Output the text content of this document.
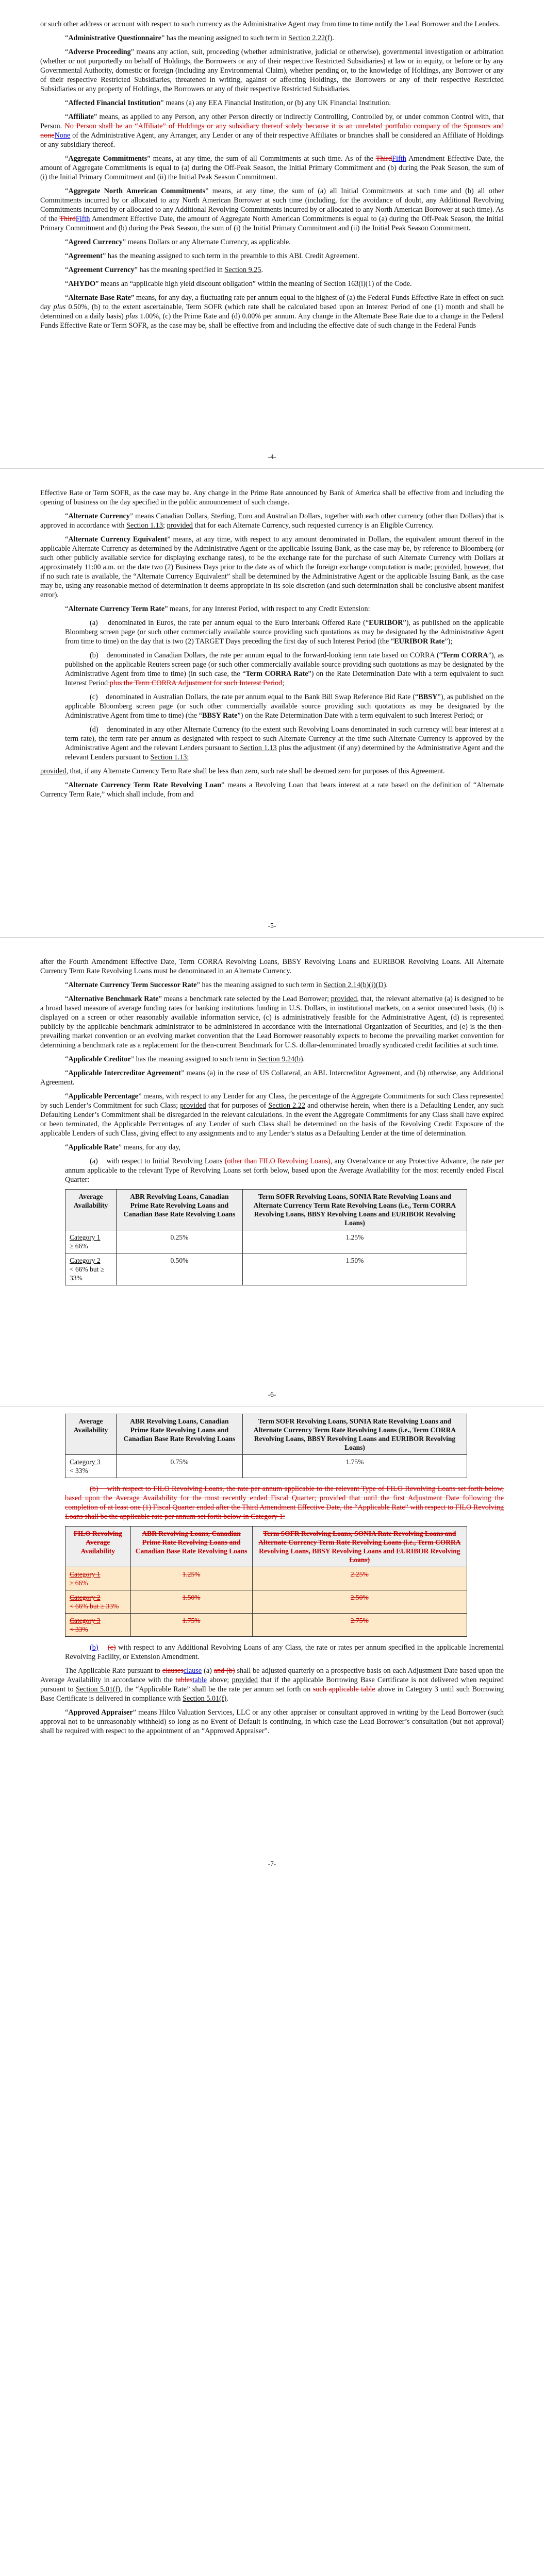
or such other address or account with respect to such currency as the Administrative Agent may from time to time notify the Lead Borrower and the Lenders.

“Administrative Questionnaire” has the meaning assigned to such term in Section 2.22(f).

“Adverse Proceeding” means any action, suit, proceeding (whether administrative, judicial or otherwise), governmental investigation or arbitration (whether or not purportedly on behalf of Holdings, the Borrowers or any of their respective Restricted Subsidiaries) at law or in equity, or before or by any Governmental Authority, domestic or foreign (including any Environmental Claim), whether pending or, to the knowledge of Holdings, any Borrower or any of their respective Restricted Subsidiaries, threatened in writing, against or affecting Holdings, the Borrowers or any of their respective Restricted Subsidiaries or any property of Holdings, the Borrowers or any of their respective Restricted Subsidiaries.

“Affected Financial Institution” means (a) any EEA Financial Institution, or (b) any UK Financial Institution.

“Affiliate” means, as applied to any Person, any other Person directly or indirectly Controlling, Controlled by, or under common Control with, that Person. No Person shall be an “Affiliate” of Holdings or any subsidiary thereof solely because it is an unrelated portfolio company of the Sponsors and noneNone of the Administrative Agent, any Arranger, any Lender or any of their respective Affiliates or branches shall be considered an Affiliate of Holdings or any subsidiary thereof.

“Aggregate Commitments” means, at any time, the sum of all Commitments at such time. As of the ThirdFifth Amendment Effective Date, the amount of Aggregate Commitments is equal to (a) during the Off-Peak Season, the Initial Primary Commitment and (b) during the Peak Season, the sum of (i) the Initial Primary Commitment and (ii) the Initial Peak Season Commitment.

“Aggregate North American Commitments” means, at any time, the sum of (a) all Initial Commitments at such time and (b) all other Commitments incurred by or allocated to any North American Borrower at such time (including, for the avoidance of doubt, any Additional Revolving Commitments incurred by or allocated to any Additional Revolving Commitments incurred by or allocated to any North American Borrower at such time). As of the ThirdFifth Amendment Effective Date, the amount of Aggregate North American Commitments is equal to (a) during the Off-Peak Season, the Initial Primary Commitment and (b) during the Peak Season, the sum of (i) the Initial Primary Commitment and (ii) the Initial Peak Season Commitment.

“Agreed Currency” means Dollars or any Alternate Currency, as applicable.

“Agreement” has the meaning assigned to such term in the preamble to this ABL Credit Agreement.

“Agreement Currency” has the meaning specified in Section 9.25.

“AHYDO” means an “applicable high yield discount obligation” within the meaning of Section 163(i)(1) of the Code.

“Alternate Base Rate” means, for any day, a fluctuating rate per annum equal to the highest of (a) the Federal Funds Effective Rate in effect on such day plus 0.50%, (b) to the extent ascertainable, Term SOFR (which rate shall be calculated based upon an Interest Period of one (1) month and shall be determined on a daily basis) plus 1.00%, (c) the Prime Rate and (d) 0.00% per annum. Any change in the Alternate Base Rate due to a change in the Federal Funds Effective Rate or Term SOFR, as the case may be, shall be effective from and including the effective date of such change in the Federal Funds

-4-

Effective Rate or Term SOFR, as the case may be. Any change in the Prime Rate announced by Bank of America shall be effective from and including the opening of business on the day specified in the public announcement of such change.

“Alternate Currency” means Canadian Dollars, Sterling, Euro and Australian Dollars, together with each other currency (other than Dollars) that is approved in accordance with Section 1.13; provided that for each Alternate Currency, such requested currency is an Eligible Currency.

“Alternate Currency Equivalent” means, at any time, with respect to any amount denominated in Dollars, the equivalent amount thereof in the applicable Alternate Currency as determined by the Administrative Agent or the applicable Issuing Bank, as the case may be, by reference to Bloomberg (or such other publicly available service for displaying exchange rates), to be the exchange rate for the purchase of such Alternate Currency with Dollars at approximately 11:00 a.m. on the date two (2) Business Days prior to the date as of which the foreign exchange computation is made; provided, however, that if no such rate is available, the “Alternate Currency Equivalent” shall be determined by the Administrative Agent or the applicable Issuing Bank, as the case may be, using any reasonable method of determination it deems appropriate in its sole discretion (and such determination shall be conclusive absent manifest error).

“Alternate Currency Term Rate” means, for any Interest Period, with respect to any Credit Extension:

(a)    denominated in Euros, the rate per annum equal to the Euro Interbank Offered Rate (“EURIBOR”), as published on the applicable Bloomberg screen page (or such other commercially available source providing such quotations as may be designated by the Administrative Agent from time to time) on the day that is two (2) TARGET Days preceding the first day of such Interest Period (the “EURIBOR Rate”);

(b)    denominated in Canadian Dollars, the rate per annum equal to the forward-looking term rate based on CORRA (“Term CORRA”), as published on the applicable Reuters screen page (or such other commercially available source providing such quotations as may be designated by the Administrative Agent from time to time) (in such case, the “Term CORRA Rate”) on the Rate Determination Date with a term equivalent to such Interest Period plus the Term CORRA Adjustment for such Interest Period;

(c)    denominated in Australian Dollars, the rate per annum equal to the Bank Bill Swap Reference Bid Rate (“BBSY”), as published on the applicable Bloomberg screen page (or such other commercially available source providing such quotations as may be designated by the Administrative Agent from time to time) (the “BBSY Rate”) on the Rate Determination Date with a term equivalent to such Interest Period; or

(d)    denominated in any other Alternate Currency (to the extent such Revolving Loans denominated in such currency will bear interest at a term rate), the term rate per annum as designated with respect to such Alternate Currency at the time such Alternate Currency is approved by the Administrative Agent and the relevant Lenders pursuant to Section 1.13 plus the adjustment (if any) determined by the Administrative Agent and the relevant Lenders pursuant to Section 1.13;

provided, that, if any Alternate Currency Term Rate shall be less than zero, such rate shall be deemed zero for purposes of this Agreement.

“Alternate Currency Term Rate Revolving Loan” means a Revolving Loan that bears interest at a rate based on the definition of “Alternate Currency Term Rate,” which shall include, from and

-5-

after the Fourth Amendment Effective Date, Term CORRA Revolving Loans, BBSY Revolving Loans and EURIBOR Revolving Loans. All Alternate Currency Term Rate Revolving Loans must be denominated in an Alternate Currency.

“Alternate Currency Term Successor Rate” has the meaning assigned to such term in Section 2.14(b)(i)(D).

“Alternative Benchmark Rate” means a benchmark rate selected by the Lead Borrower; provided, that, the relevant alternative (a) is designed to be a broad based measure of average funding rates for banking institutions funding in U.S. Dollars, in institutional markets, on a senior unsecured basis, (b) is displayed on a screen or other reasonably available information service, (c) is administratively feasible for the Administrative Agent, (d) is represented publicly by the applicable benchmark administrator to be administered in accordance with the International Organization of Securities, and (e) is the then-prevailing market convention or an evolving market convention that the Lead Borrower reasonably expects to become the prevailing market convention for determining a benchmark rate as a replacement for the then-current Benchmark for U.S. dollar-denominated broadly syndicated credit facilities at such time.

“Applicable Creditor” has the meaning assigned to such term in Section 9.24(b).

“Applicable Intercreditor Agreement” means (a) in the case of US Collateral, an ABL Intercreditor Agreement, and (b) otherwise, any Additional Agreement.

“Applicable Percentage” means, with respect to any Lender for any Class, the percentage of the Aggregate Commitments for such Class represented by such Lender’s Commitment for such Class; provided that for purposes of Section 2.22 and otherwise herein, when there is a Defaulting Lender, any such Defaulting Lender’s Commitment shall be disregarded in the relevant calculations. In the event the Aggregate Commitments for any Class shall have expired or been terminated, the Applicable Percentages of any Lender of such Class shall be determined on the basis of the Revolving Credit Exposure of the applicable Lenders of such Class, giving effect to any assignments and to any Lender’s status as a Defaulting Lender at the time of determination.

“Applicable Rate” means, for any day,

(a)    with respect to Initial Revolving Loans (other than FILO Revolving Loans), any Overadvance or any Protective Advance, the rate per annum applicable to the relevant Type of Revolving Loans set forth below, based upon the Average Availability for the most recently ended Fiscal Quarter:

Average Availability	ABR Revolving Loans, Canadian Prime Rate Revolving Loans and Canadian Base Rate Revolving Loans	Term SOFR Revolving Loans, SONIA Rate Revolving Loans and Alternate Currency Term Rate Revolving Loans (i.e., Term CORRA Revolving Loans, BBSY Revolving Loans and EURIBOR Revolving Loans)
Category 1
≥ 66%	0.25%	1.25%
Category 2
< 66% but ≥ 33%	0.50%	1.50%
-6-
Average Availability	ABR Revolving Loans, Canadian Prime Rate Revolving Loans and Canadian Base Rate Revolving Loans	Term SOFR Revolving Loans, SONIA Rate Revolving Loans and Alternate Currency Term Rate Revolving Loans (i.e., Term CORRA Revolving Loans, BBSY Revolving Loans and EURIBOR Revolving Loans)
Category 3
< 33%	0.75%	1.75%

(b)    with respect to FILO Revolving Loans, the rate per annum applicable to the relevant Type of FILO Revolving Loans set forth below, based upon the Average Availability for the most recently ended Fiscal Quarter; provided that until the first Adjustment Date following the completion of at least one (1) Fiscal Quarter ended after the Third Amendment Effective Date, the “Applicable Rate” with respect to FILO Revolving Loans shall be the applicable rate per annum set forth below in Category 1:

FILO Revolving Average Availability	ABR Revolving Loans, Canadian Prime Rate Revolving Loans and Canadian Base Rate Revolving Loans	Term SOFR Revolving Loans, SONIA Rate Revolving Loans and Alternate Currency Term Rate Revolving Loans (i.e., Term CORRA Revolving Loans, BBSY Revolving Loans and EURIBOR Revolving Loans)
Category 1
≥ 66%	1.25%	2.25%
Category 2
< 66% but ≥ 33%	1.50%	2.50%
Category 3
< 33%	1.75%	2.75%

(b) (c) with respect to any Additional Revolving Loans of any Class, the rate or rates per annum specified in the applicable Incremental Revolving Facility, or Extension Amendment.

The Applicable Rate pursuant to clausesclause (a) and (b) shall be adjusted quarterly on a prospective basis on each Adjustment Date based upon the Average Availability in accordance with the tablestable above; provided that if the applicable Borrowing Base Certificate is not delivered when required pursuant to Section 5.01(f), the “Applicable Rate” shall be the rate per annum set forth on such applicable table above in Category 3 until such Borrowing Base Certificate is delivered in compliance with Section 5.01(f).

“Approved Appraiser” means Hilco Valuation Services, LLC or any other appraiser or consultant approved in writing by the Lead Borrower (such approval not to be unreasonably withheld) so long as no Event of Default is continuing, in which case the Lead Borrower’s consultation (but not approval) shall be required with respect to the appointment of an “Approved Appraiser”.

-7-
